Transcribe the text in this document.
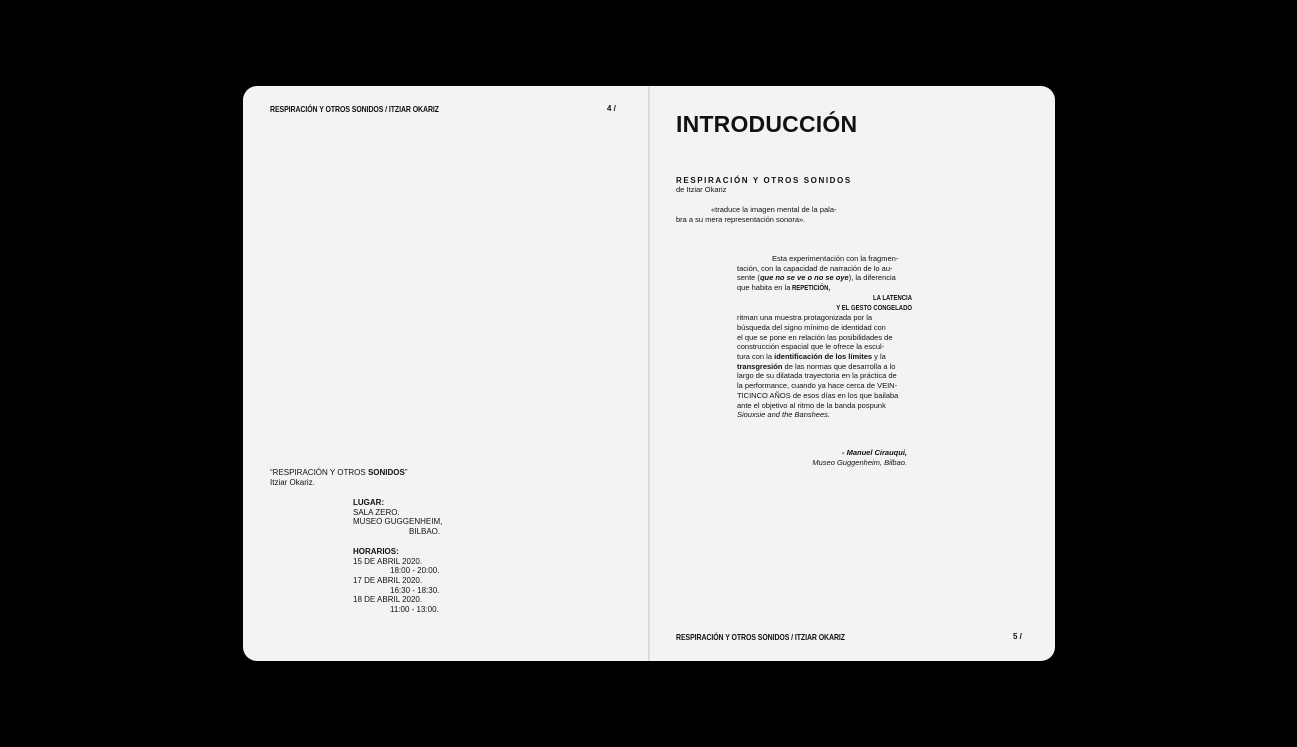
RESPIRACIÓN Y OTROS SONIDOS / ITZIAR OKARIZ	4 /
“RESPIRACIÓN Y OTROS SONIDOS”
Itziar Okariz.
LUGAR:
SALA ZERO.
MUSEO GUGGENHEIM,
BILBAO.
HORARIOS:
15 DE ABRIL 2020.
18:00 - 20:00.
17 DE ABRIL 2020.
16:30 - 18:30.
18 DE ABRIL 2020.
11:00 - 13:00.
INTRODUCCIÓN
RESPIRACIÓN Y OTROS SONIDOS
de Itziar Okariz
«traduce la imagen mental de la pala-
bra a su mera representación sonora».

Esta experimentación con la fragmen-

tación, con la capacidad de narración de lo au-

sente (que no se ve o no se oye), la diferencia

que habita en la REPETICIÓN,

LA LATENCIA

Y EL GESTO CONGELADO

ritman una muestra protagonizada por la

búsqueda del signo mínimo de identidad con

el que se pone en relación las posibilidades de

construcción espacial que le ofrece la escul-

tura con la identificación de los límites y la

transgresión de las normas que desarrolla a lo

largo de su dilatada trayectoria en la práctica de

la performance, cuando ya hace cerca de VEIN-

TICINCO AÑOS de esos días en los que bailaba

ante el objetivo al ritmo de la banda pospunk

Siouxsie and the Banshees.

- Manuel Cirauqui,
Museo Guggenheim, Bilbao.
RESPIRACIÓN Y OTROS SONIDOS / ITZIAR OKARIZ	5 /
